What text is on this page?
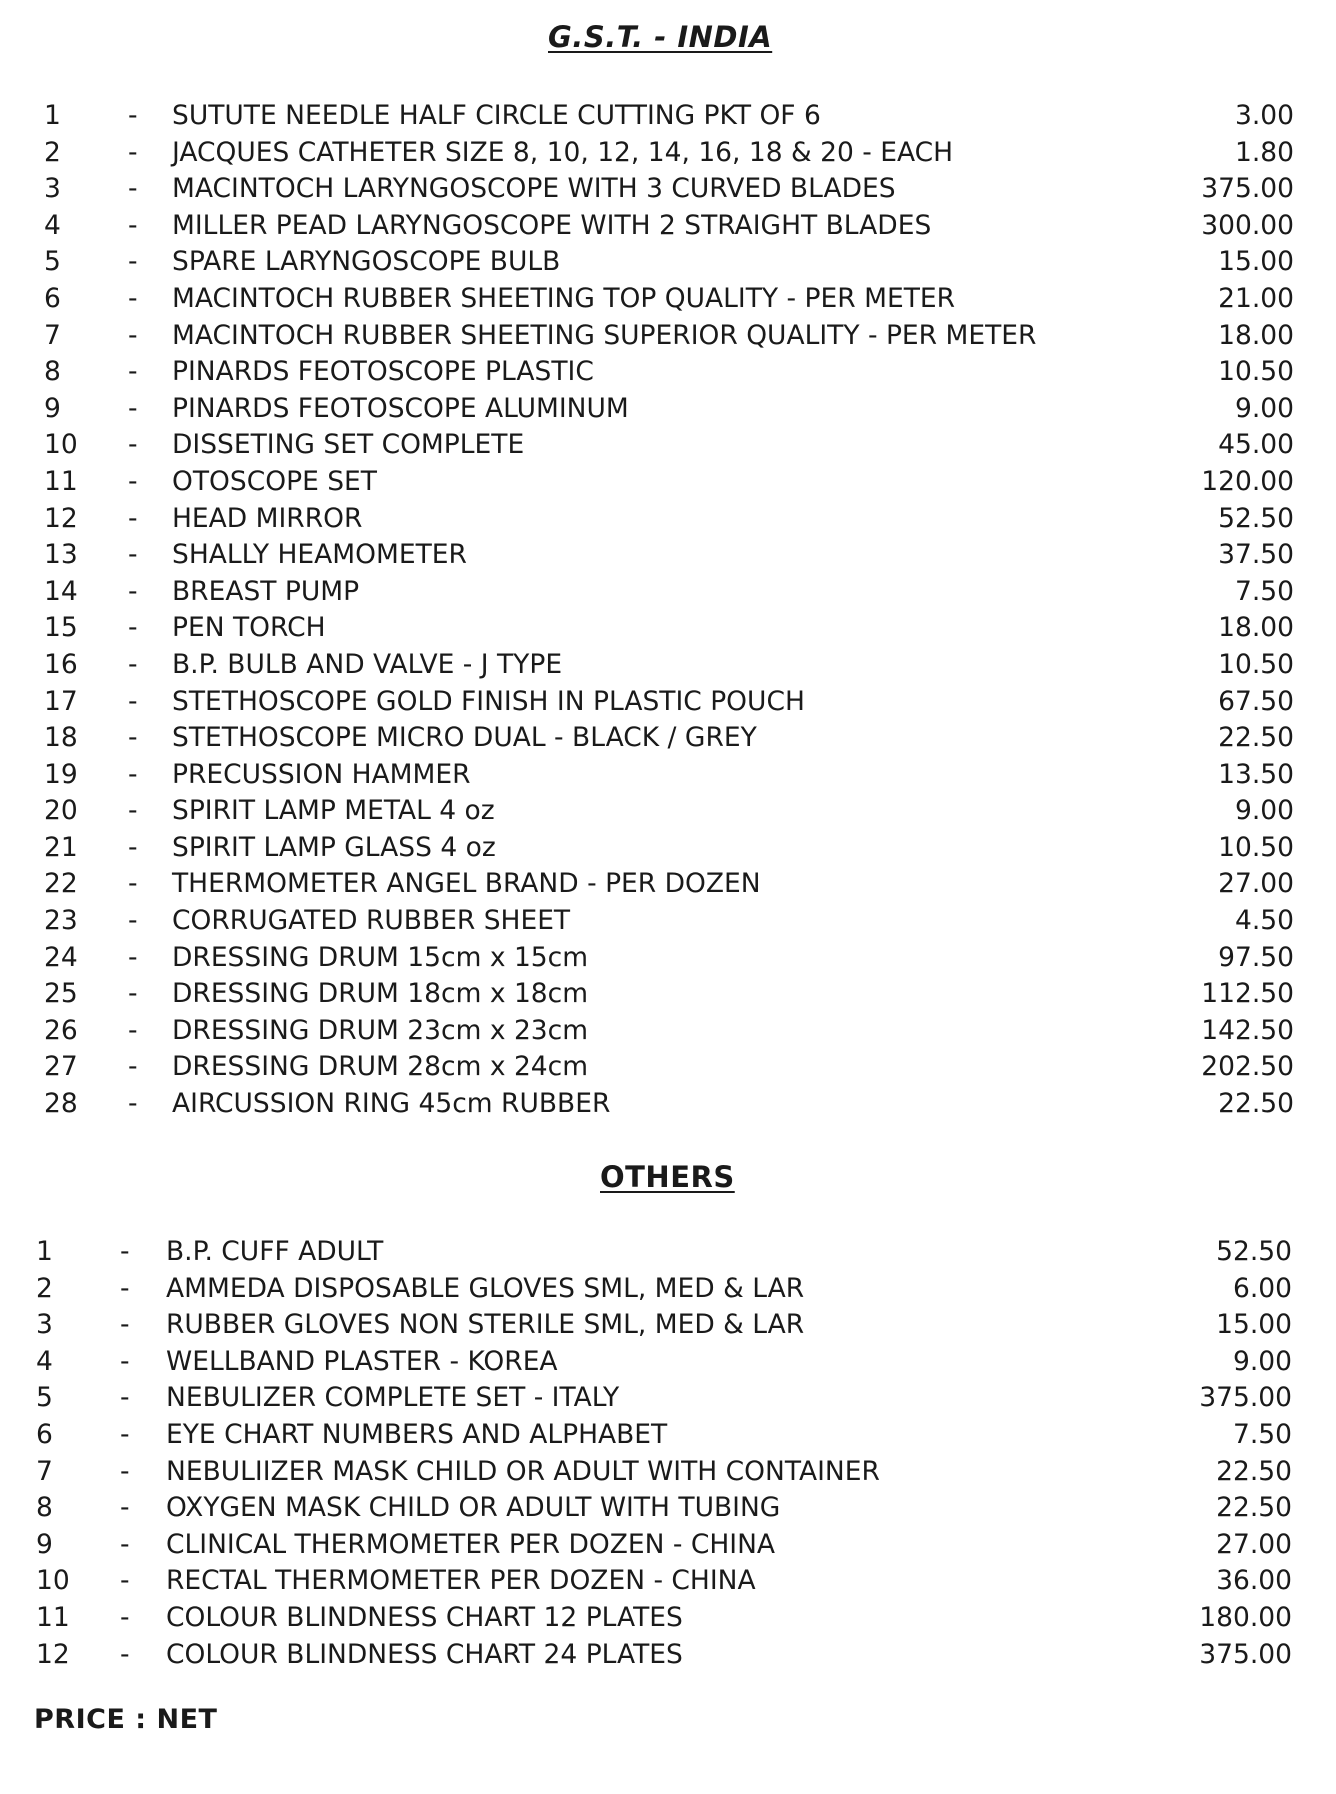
G.S.T. - INDIA
1	- SUTUTE NEEDLE HALF CIRCLE CUTTING PKT OF 6	3.00
2	- JACQUES CATHETER SIZE 8, 10, 12, 14, 16, 18 & 20 - EACH	1.80
3	- MACINTOCH LARYNGOSCOPE WITH 3 CURVED BLADES	375.00
4	- MILLER PEAD LARYNGOSCOPE WITH 2 STRAIGHT BLADES	300.00
5	- SPARE LARYNGOSCOPE BULB	15.00
6	- MACINTOCH RUBBER SHEETING TOP QUALITY - PER METER	21.00
7	- MACINTOCH RUBBER SHEETING SUPERIOR QUALITY - PER METER	18.00
8	- PINARDS FEOTOSCOPE PLASTIC	10.50
9	- PINARDS FEOTOSCOPE ALUMINUM	9.00
10	- DISSETING SET COMPLETE	45.00
11	- OTOSCOPE SET	120.00
12	- HEAD MIRROR	52.50
13	- SHALLY HEAMOMETER	37.50
14	- BREAST PUMP	7.50
15	- PEN TORCH	18.00
16	- B.P. BULB AND VALVE - J TYPE	10.50
17	- STETHOSCOPE GOLD FINISH IN PLASTIC POUCH	67.50
18	- STETHOSCOPE MICRO DUAL - BLACK / GREY	22.50
19	- PRECUSSION HAMMER	13.50
20	- SPIRIT LAMP METAL 4 oz	9.00
21	- SPIRIT LAMP GLASS 4 oz	10.50
22	- THERMOMETER ANGEL BRAND - PER DOZEN	27.00
23	- CORRUGATED RUBBER SHEET	4.50
24	- DRESSING DRUM 15cm x 15cm	97.50
25	- DRESSING DRUM 18cm x 18cm	112.50
26	- DRESSING DRUM 23cm x 23cm	142.50
27	- DRESSING DRUM 28cm x 24cm	202.50
28	- AIRCUSSION RING 45cm RUBBER	22.50
OTHERS
1	- B.P. CUFF ADULT	52.50
2	- AMMEDA DISPOSABLE GLOVES SML, MED & LAR	6.00
3	- RUBBER GLOVES NON STERILE SML, MED & LAR	15.00
4	- WELLBAND PLASTER - KOREA	9.00
5	- NEBULIZER COMPLETE SET - ITALY	375.00
6	- EYE CHART NUMBERS AND ALPHABET	7.50
7	- NEBULIIZER MASK CHILD OR ADULT WITH CONTAINER	22.50
8	- OXYGEN MASK CHILD OR ADULT WITH TUBING	22.50
9	- CLINICAL THERMOMETER PER DOZEN - CHINA	27.00
10	- RECTAL THERMOMETER PER DOZEN - CHINA	36.00
11	- COLOUR BLINDNESS CHART 12 PLATES	180.00
12	- COLOUR BLINDNESS CHART 24 PLATES	375.00
PRICE : NET
